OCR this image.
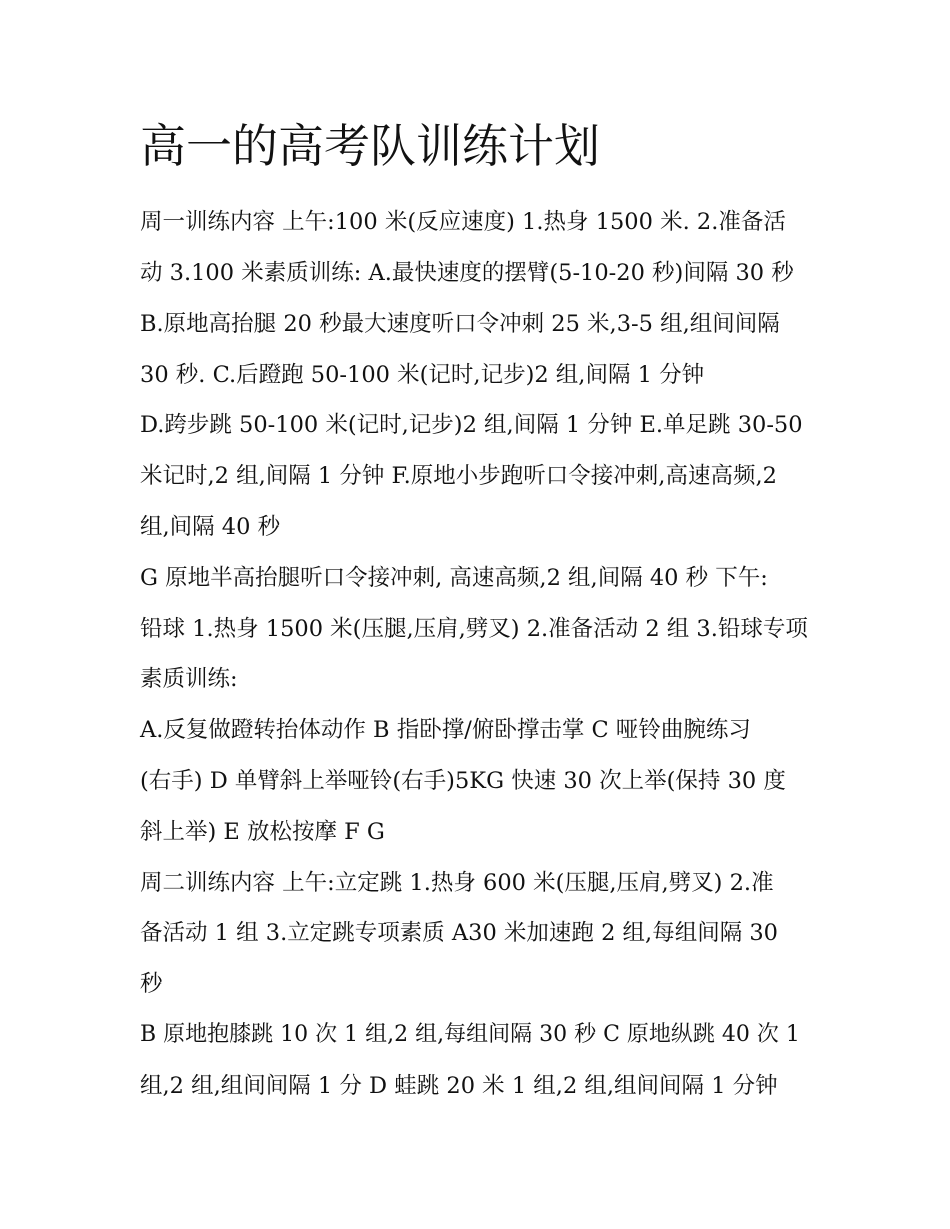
高一的高考队训练计划

周一训练内容 上午:100 米(反应速度) 1.热身 1500 米. 2.准备活

动 3.100 米素质训练: A.最快速度的摆臂(5-10-20 秒)间隔 30 秒

B.原地高抬腿 20 秒最大速度听口令冲刺 25 米,3-5 组,组间间隔

30 秒. C.后蹬跑 50-100 米(记时,记步)2 组,间隔 1 分钟

D.跨步跳 50-100 米(记时,记步)2 组,间隔 1 分钟 E.单足跳 30-50

米记时,2 组,间隔 1 分钟 F.原地小步跑听口令接冲刺,高速高频,2

组,间隔 40 秒

G 原地半高抬腿听口令接冲刺, 高速高频,2 组,间隔 40 秒 下午:

铅球 1.热身 1500 米(压腿,压肩,劈叉) 2.准备活动 2 组 3.铅球专项

素质训练:

A.反复做蹬转抬体动作 B 指卧撑/俯卧撑击掌 C 哑铃曲腕练习

(右手) D 单臂斜上举哑铃(右手)5KG 快速 30 次上举(保持 30 度

斜上举) E 放松按摩 F G

周二训练内容 上午:立定跳 1.热身 600 米(压腿,压肩,劈叉) 2.准

备活动 1 组 3.立定跳专项素质 A30 米加速跑 2 组,每组间隔 30

秒

B 原地抱膝跳 10 次 1 组,2 组,每组间隔 30 秒 C 原地纵跳 40 次 1

组,2 组,组间间隔 1 分 D 蛙跳 20 米 1 组,2 组,组间间隔 1 分钟
